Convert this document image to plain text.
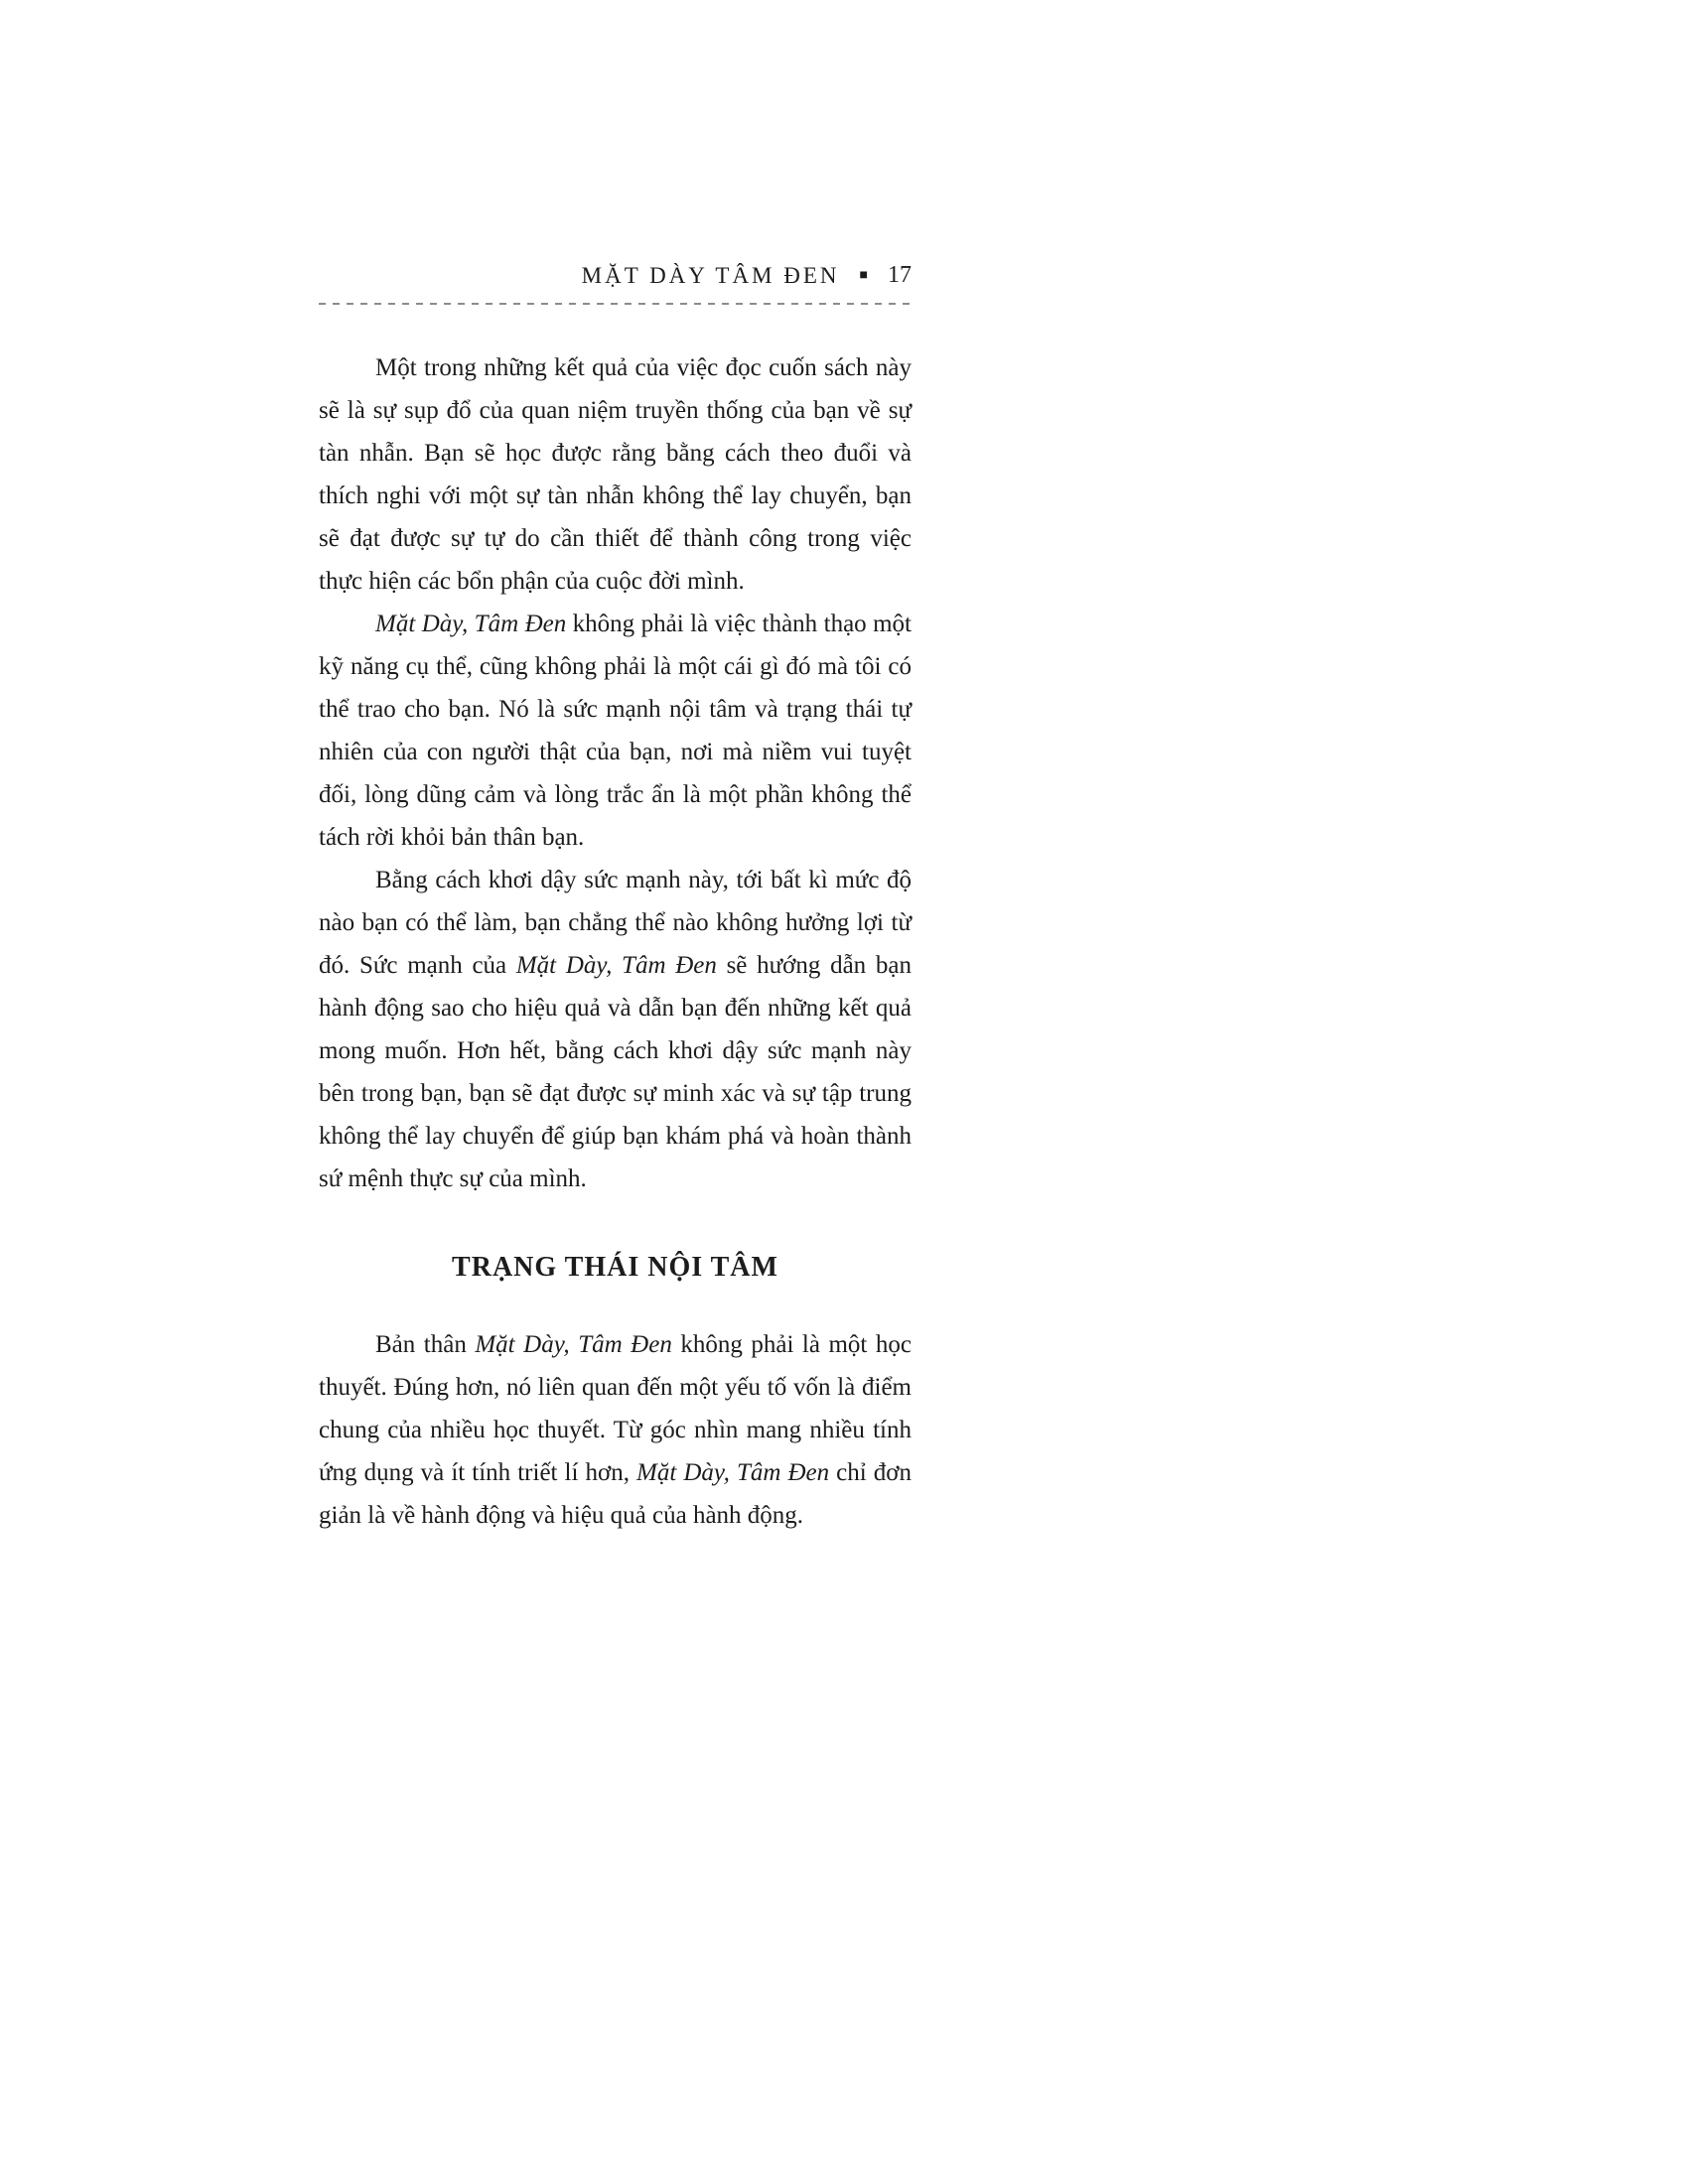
MẶT DÀY TÂM ĐEN ■ 17

Một trong những kết quả của việc đọc cuốn sách này sẽ là sự sụp đổ của quan niệm truyền thống của bạn về sự tàn nhẫn. Bạn sẽ học được rằng bằng cách theo đuổi và thích nghi với một sự tàn nhẫn không thể lay chuyển, bạn sẽ đạt được sự tự do cần thiết để thành công trong việc thực hiện các bổn phận của cuộc đời mình.

Mặt Dày, Tâm Đen không phải là việc thành thạo một kỹ năng cụ thể, cũng không phải là một cái gì đó mà tôi có thể trao cho bạn. Nó là sức mạnh nội tâm và trạng thái tự nhiên của con người thật của bạn, nơi mà niềm vui tuyệt đối, lòng dũng cảm và lòng trắc ẩn là một phần không thể tách rời khỏi bản thân bạn.

Bằng cách khơi dậy sức mạnh này, tới bất kì mức độ nào bạn có thể làm, bạn chẳng thể nào không hưởng lợi từ đó. Sức mạnh của Mặt Dày, Tâm Đen sẽ hướng dẫn bạn hành động sao cho hiệu quả và dẫn bạn đến những kết quả mong muốn. Hơn hết, bằng cách khơi dậy sức mạnh này bên trong bạn, bạn sẽ đạt được sự minh xác và sự tập trung không thể lay chuyển để giúp bạn khám phá và hoàn thành sứ mệnh thực sự của mình.

TRẠNG THÁI NỘI TÂM

Bản thân Mặt Dày, Tâm Đen không phải là một học thuyết. Đúng hơn, nó liên quan đến một yếu tố vốn là điểm chung của nhiều học thuyết. Từ góc nhìn mang nhiều tính ứng dụng và ít tính triết lí hơn, Mặt Dày, Tâm Đen chỉ đơn giản là về hành động và hiệu quả của hành động.
